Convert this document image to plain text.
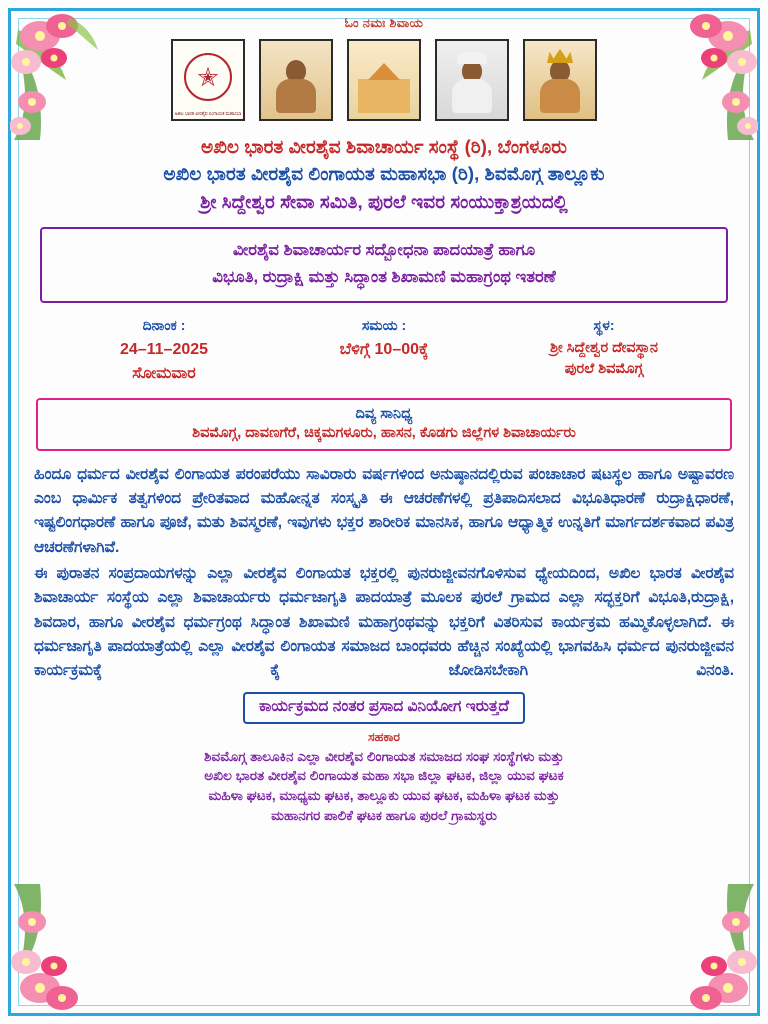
ಓಂ ನಮಃ ಶಿವಾಯ
✭
ಅಖಿಲ ಭಾರತ ವೀರಶೈವ ಲಿಂಗಾಯತ ಮಹಾಸಭಾ
ಅಖಿಲ ಭಾರತ ವೀರಶೈವ ಶಿವಾಚಾರ್ಯ ಸಂಸ್ಥೆ (ರಿ), ಬೆಂಗಳೂರು
ಅಖಿಲ ಭಾರತ ವೀರಶೈವ ಲಿಂಗಾಯತ ಮಹಾಸಭಾ (ರಿ), ಶಿವಮೊಗ್ಗ ತಾಲ್ಲೂಕು
ಶ್ರೀ ಸಿದ್ದೇಶ್ವರ ಸೇವಾ ಸಮಿತಿ, ಪುರಲೆ ಇವರ ಸಂಯುಕ್ತಾಶ್ರಯದಲ್ಲಿ
ವೀರಶೈವ ಶಿವಾಚಾರ್ಯರ ಸದ್ಬೋಧನಾ ಪಾದಯಾತ್ರೆ ಹಾಗೂ
ವಿಭೂತಿ, ರುದ್ರಾಕ್ಷಿ ಮತ್ತು ಸಿದ್ಧಾಂತ ಶಿಖಾಮಣಿ ಮಹಾಗ್ರಂಥ ಇತರಣೆ
ದಿನಾಂಕ :
24–11–2025
ಸೋಮವಾರ
ಸಮಯ :
ಬೆಳಿಗ್ಗೆ 10–00ಕ್ಕೆ
ಸ್ಥಳ:
ಶ್ರೀ ಸಿದ್ದೇಶ್ವರ ದೇವಸ್ಥಾನ
ಪುರಲೆ ಶಿವಮೊಗ್ಗ
ದಿವ್ಯ ಸಾನಿಧ್ಯ
ಶಿವಮೊಗ್ಗ, ದಾವಣಗೆರೆ, ಚಿಕ್ಕಮಗಳೂರು, ಹಾಸನ, ಕೊಡಗು ಜಿಲ್ಲೆಗಳ ಶಿವಾಚಾರ್ಯರು

ಹಿಂದೂ ಧರ್ಮದ ವೀರಶೈವ ಲಿಂಗಾಯತ ಪರಂಪರೆಯು ಸಾವಿರಾರು ವರ್ಷಗಳಿಂದ ಅನುಷ್ಠಾನದಲ್ಲಿರುವ ಪಂಚಾಚಾರ ಷಟಸ್ಥಲ ಹಾಗೂ ಅಷ್ಟಾವರಣ ಎಂಬ ಧಾರ್ಮಿಕ ತತ್ವಗಳಿಂದ ಪ್ರೇರಿತವಾದ ಮಹೋನ್ನತ ಸಂಸ್ಕೃತಿ ಈ ಆಚರಣೆಗಳಲ್ಲಿ ಪ್ರತಿಪಾದಿಸಲಾದ ವಿಭೂತಿಧಾರಣೆ ರುದ್ರಾಕ್ಷಿಧಾರಣೆ, ಇಷ್ಟಲಿಂಗಧಾರಣೆ ಹಾಗೂ ಪೂಜೆ, ಮತು ಶಿವಸ್ಮರಣೆ, ಇವುಗಳು ಭಕ್ತರ ಶಾರೀರಿಕ ಮಾನಸಿಕ, ಹಾಗೂ ಆಧ್ಯಾತ್ಮಿಕ ಉನ್ನತಿಗೆ ಮಾರ್ಗದರ್ಶಕವಾದ ಪವಿತ್ರ ಆಚರಣೆಗಳಾಗಿವೆ.

ಈ ಪುರಾತನ ಸಂಪ್ರದಾಯಗಳನ್ನು ಎಲ್ಲಾ ವೀರಶೈವ ಲಿಂಗಾಯತ ಭಕ್ತರಲ್ಲಿ ಪುನರುಜ್ಜೀವನಗೊಳಿಸುವ ಧ್ಯೇಯದಿಂದ, ಅಖಿಲ ಭಾರತ ವೀರಶೈವ ಶಿವಾಚಾರ್ಯ ಸಂಸ್ಥೆಯ ಎಲ್ಲಾ ಶಿವಾಚಾರ್ಯರು ಧರ್ಮಜಾಗೃತಿ ಪಾದಯಾತ್ರೆ ಮೂಲಕ ಪುರಲೆ ಗ್ರಾಮದ ಎಲ್ಲಾ ಸದ್ಭಕ್ತರಿಗೆ ವಿಭೂತಿ,ರುದ್ರಾಕ್ಷಿ, ಶಿವದಾರ, ಹಾಗೂ ವೀರಶೈವ ಧರ್ಮಗ್ರಂಥ ಸಿದ್ಧಾಂತ ಶಿಖಾಮಣಿ ಮಹಾಗ್ರಂಥವನ್ನು ಭಕ್ತರಿಗೆ ವಿತರಿಸುವ ಕಾರ್ಯಕ್ರಮ ಹಮ್ಮಿಕೊಳ್ಳಲಾಗಿದೆ. ಈ ಧರ್ಮಜಾಗೃತಿ ಪಾದಯಾತ್ರೆಯಲ್ಲಿ ಎಲ್ಲಾ ವೀರಶೈವ ಲಿಂಗಾಯತ ಸಮಾಜದ ಬಾಂಧವರು ಹೆಚ್ಚಿನ ಸಂಖ್ಯೆಯಲ್ಲಿ ಭಾಗವಹಿಸಿ ಧರ್ಮದ ಪುನರುಜ್ಜೀವನ ಕಾರ್ಯಕ್ರಮಕ್ಕೆ ಕೈ ಜೋಡಿಸಬೇಕಾಗಿ ವಿನಂತಿ.

ಕಾರ್ಯಕ್ರಮದ ನಂತರ ಪ್ರಸಾದ ವಿನಿಯೋಗ ಇರುತ್ತದೆ
ಸಹಕಾರ
ಶಿವಮೊಗ್ಗ ತಾಲೂಕಿನ ಎಲ್ಲಾ ವೀರಶೈವ ಲಿಂಗಾಯತ ಸಮಾಜದ ಸಂಘ ಸಂಸ್ಥೆಗಳು ಮತ್ತು
ಅಖಿಲ ಭಾರತ ವೀರಶೈವ ಲಿಂಗಾಯತ ಮಹಾ ಸಭಾ ಜಿಲ್ಲಾ ಘಟಕ, ಜಿಲ್ಲಾ ಯುವ ಘಟಕ
ಮಹಿಳಾ ಘಟಕ, ಮಾಧ್ಯಮ ಘಟಕ, ತಾಲ್ಲೂಕು ಯುವ ಘಟಕ, ಮಹಿಳಾ ಘಟಕ ಮತ್ತು
ಮಹಾನಗರ ಪಾಲಿಕೆ ಘಟಕ ಹಾಗೂ ಪುರಲೆ ಗ್ರಾಮಸ್ಥರು
